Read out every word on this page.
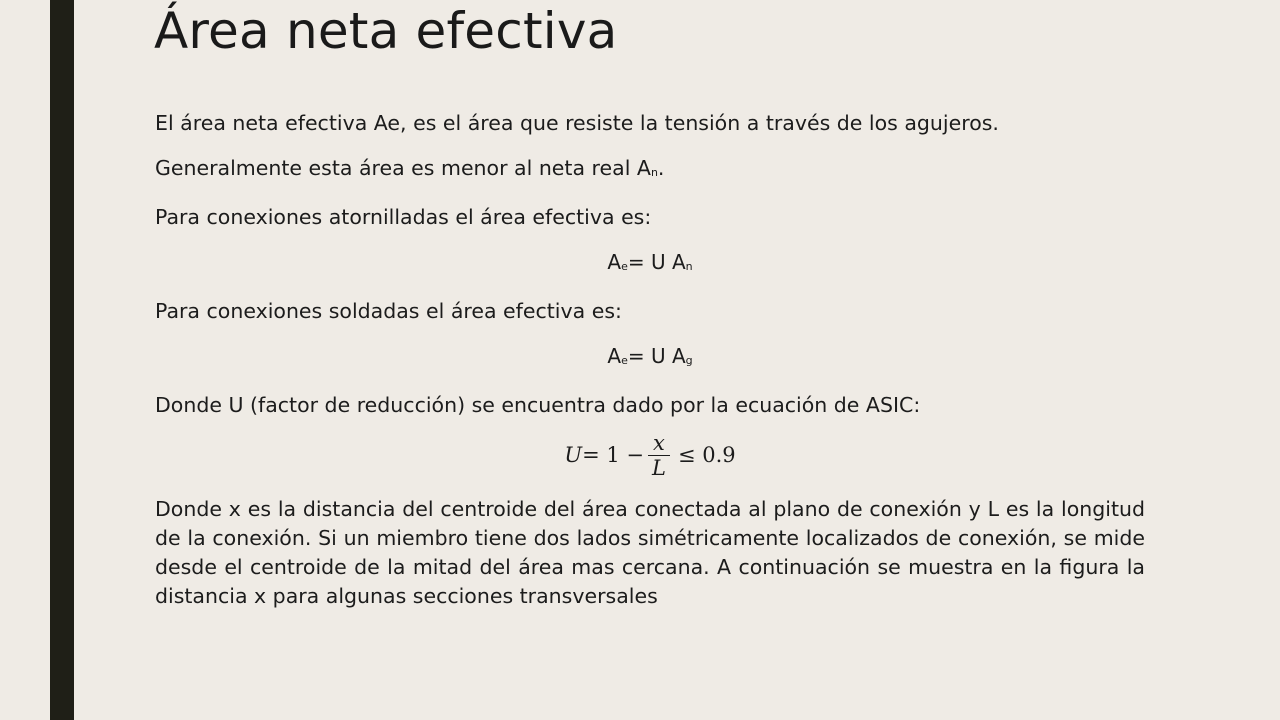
Área neta efectiva
El área neta efectiva Ae, es el área que resiste la tensión a través de los agujeros.
Generalmente esta área es menor al neta real An.
Para conexiones atornilladas el área efectiva es:
Ae= U An
Para conexiones soldadas el área efectiva es:
Ae= U Ag
Donde U (factor de reducción) se encuentra dado por la ecuación de ASIC:
$U = 1 - \frac{x}{L} \le 0.9$

Donde x es la distancia del centroide del área conectada al plano de conexión y L es la longitud de la conexión. Si un miembro tiene dos lados simétricamente localizados de conexión, se mide desde el centroide de la mitad del área mas cercana. A continuación se muestra en la figura la distancia x para algunas secciones transversales
